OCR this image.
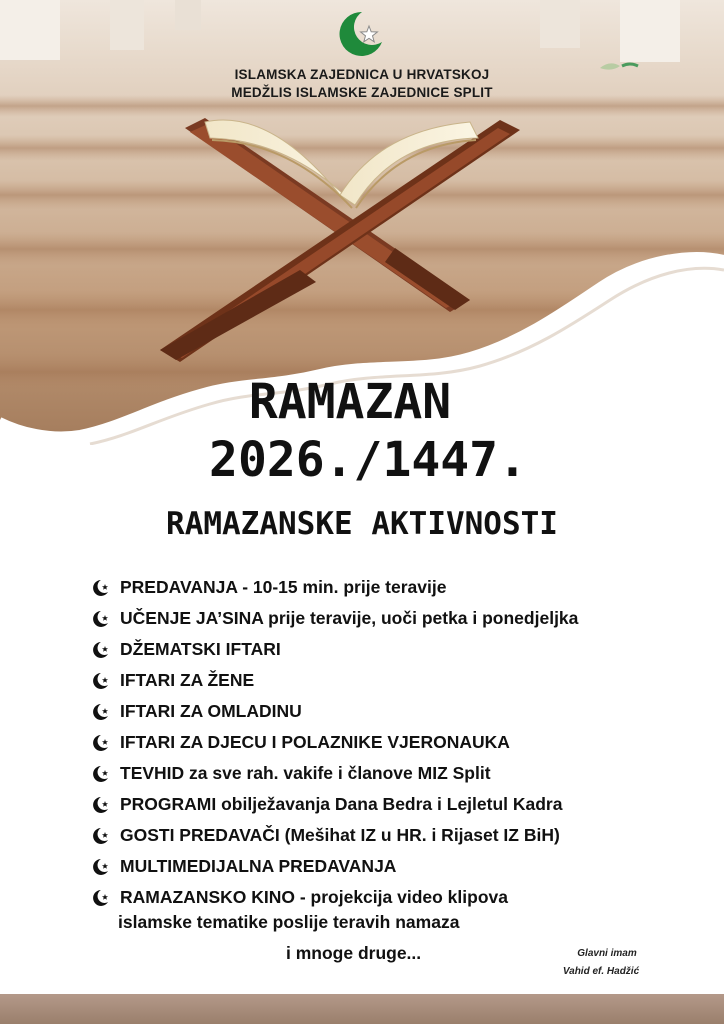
ISLAMSKA ZAJEDNICA U HRVATSKOJ
MEDŽLIS ISLAMSKE ZAJEDNICE SPLIT
RAMAZAN
2026./1447.
RAMAZANSKE AKTIVNOSTI
PREDAVANJA - 10-15 min. prije teravije
UČENJE JA’SINA prije teravije, uoči petka i ponedjeljka
DŽEMATSKI IFTARI
IFTARI ZA ŽENE
IFTARI ZA OMLADINU
IFTARI ZA DJECU I POLAZNIKE VJERONAUKA
TEVHID za sve rah. vakife i članove MIZ Split
PROGRAMI obilježavanja Dana Bedra i Lejletul Kadra
GOSTI PREDAVAČI (Mešihat IZ u HR. i Rijaset IZ BiH)
MULTIMEDIJALNA PREDAVANJA
RAMAZANSKO KINO - projekcija video klipova
islamske tematike poslije teravih namaza
i mnoge druge...	Glavni imam
Vahid ef. Hadžić
